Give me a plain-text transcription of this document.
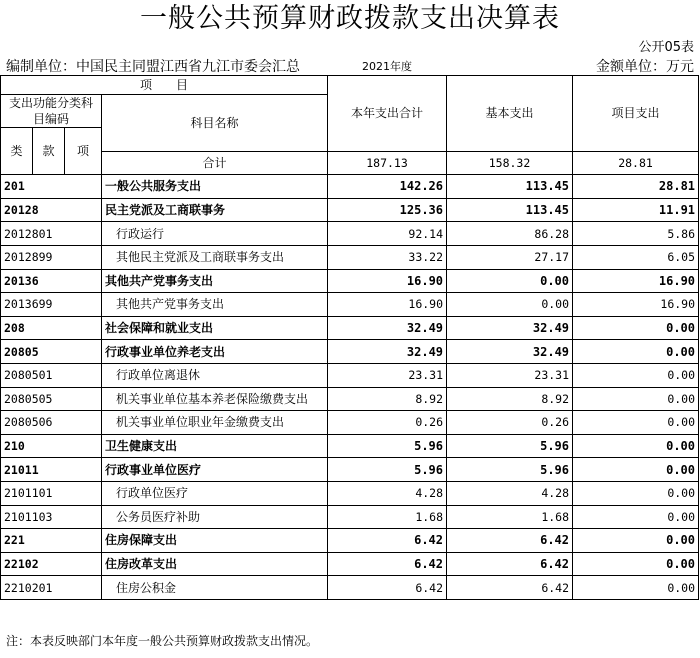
一般公共预算财政拨款支出决算表
公开05表
编制单位：中国民主同盟江西省九江市委会汇总	2021年度	金额单位：万元
项　　目				本年支出合计	基本支出	项目支出	
支出功能分类科目编码			科目名称				
类	款	项				
			合计	187.13	158.32	28.81	
201			一般公共服务支出	142.26	113.45	28.81	
20128			民主党派及工商联事务	125.36	113.45	11.91	
2012801			行政运行	92.14	86.28	5.86	
2012899			其他民主党派及工商联事务支出	33.22	27.17	6.05	
20136			其他共产党事务支出	16.90	0.00	16.90	
2013699			其他共产党事务支出	16.90	0.00	16.90	
208			社会保障和就业支出	32.49	32.49	0.00	
20805			行政事业单位养老支出	32.49	32.49	0.00	
2080501			行政单位离退休	23.31	23.31	0.00	
2080505			机关事业单位基本养老保险缴费支出	8.92	8.92	0.00	
2080506			机关事业单位职业年金缴费支出	0.26	0.26	0.00	
210			卫生健康支出	5.96	5.96	0.00	
21011			行政事业单位医疗	5.96	5.96	0.00	
2101101			行政单位医疗	4.28	4.28	0.00	
2101103			公务员医疗补助	1.68	1.68	0.00	
221			住房保障支出	6.42	6.42	0.00	
22102			住房改革支出	6.42	6.42	0.00	
2210201			住房公积金	6.42	6.42	0.00	
注：本表反映部门本年度一般公共预算财政拨款支出情况。
